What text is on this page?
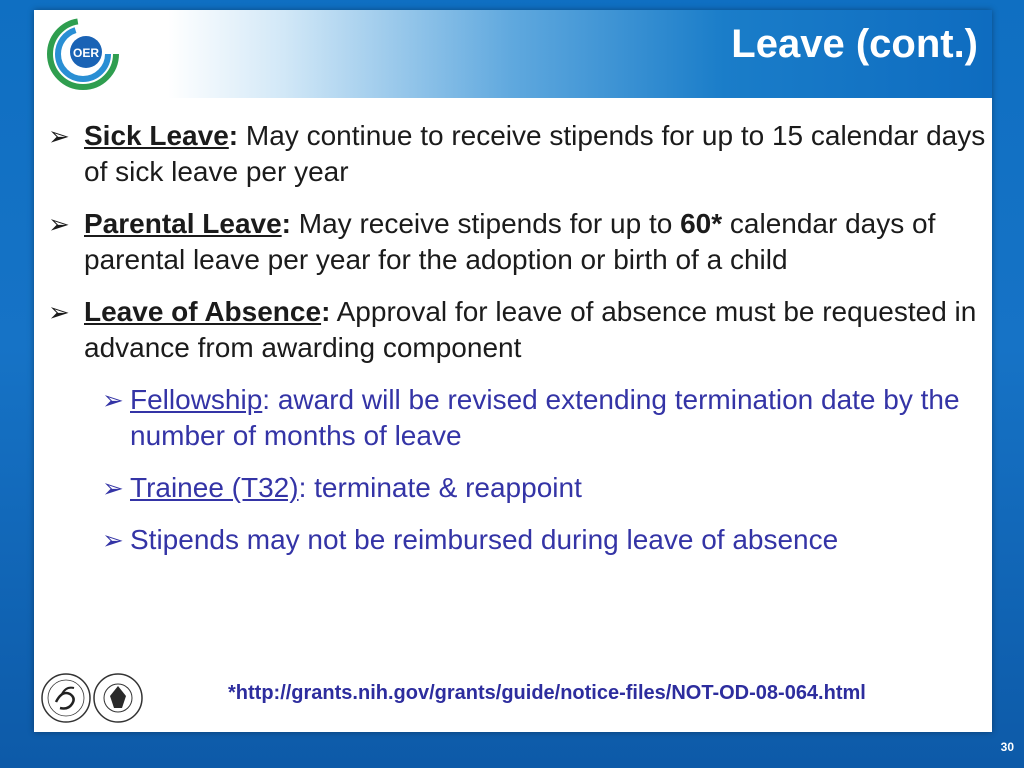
OER	Leave (cont.)
➢ Sick Leave: May continue to receive stipends for up to 15 calendar days of sick leave per year
➢ Parental Leave: May receive stipends for up to 60* calendar days of parental leave per year for the adoption or birth of a child
➢ Leave of Absence: Approval for leave of absence must be requested in advance from awarding component
➢ Fellowship: award will be revised extending termination date by the number of months of leave
➢ Trainee (T32): terminate & reappoint
➢ Stipends may not be reimbursed during leave of absence
*http://grants.nih.gov/grants/guide/notice-files/NOT-OD-08-064.html
30
